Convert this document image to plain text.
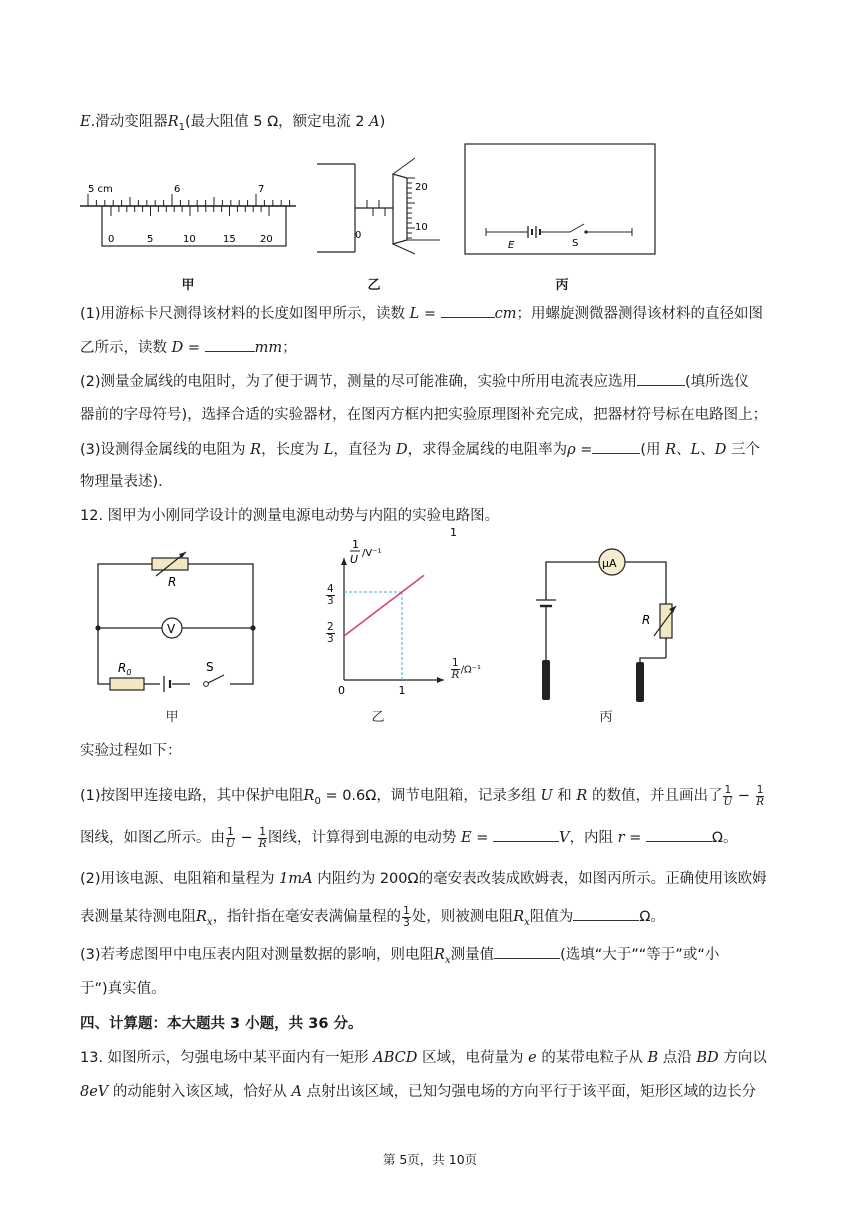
E.滑动变阻器$R_1$(最大阻值 5 Ω，额定电流 2 A)
5 cm	6	7
0	5	10	15 20	0
20
10
E	S
甲	乙	丙
(1)用游标卡尺测得该材料的长度如图甲所示，读数 L =	cm；用螺旋测微器测得该材料的直径如图
乙所示，读数 D =	mm；
(2)测量金属线的电阻时，为了便于调节，测量的尽可能准确，实验中所用电流表应选用	(填所选仪
器前的字母符号)，选择合适的实验器材，在图丙方框内把实验原理图补充完成，把器材符号标在电路图上；
(3)设测得金属线的电阻为 R，长度为 L，直径为 D，求得金属线的电阻率为ρ =	(用 R、L、D 三个
物理量表述)．
12. 图甲为小刚同学设计的测量电源电动势与内阻的实验电路图。
R
V
$R_0$	S
1
U /V⁻¹
1
0	1
$\frac{1}{R} /\Omega^{-1}$
$\frac{4}{3}$
$\frac{2}{3}$
μA
R
甲	乙	丙
实验过程如下：
(1)按图甲连接电路，其中保护电阻$R_0 = 0.6\Omega$，调节电阻箱，记录多组 U 和 R 的数值，并且画出了 $\frac{1}{U} - \frac{1}{R}$
图线，如图乙所示。由 $\frac{1}{U} - \frac{1}{R}$ 图线，计算得到电源的电动势 E =	V，内阻 r =	Ω。
(2)用该电源、电阻箱和量程为 1mA 内阻约为 200Ω的毫安表改装成欧姆表，如图丙所示。正确使用该欧姆
表测量某待测电阻$R_x$，指针指在毫安表满偏量程的 $\frac{1}{3}$ 处，则被测电阻$R_x$阻值为	Ω。
(3)若考虑图甲中电压表内阻对测量数据的影响，则电阻$R_x$测量值	(选填“大于”“等于”或“小
于”)真实值。
四、计算题：本大题共 3 小题，共 36 分。
13. 如图所示，匀强电场中某平面内有一矩形 ABCD 区域，电荷量为 e 的某带电粒子从 B 点沿 BD 方向以
8eV 的动能射入该区域，恰好从 A 点射出该区域，已知匀强电场的方向平行于该平面，矩形区域的边长分
第 5页，共 10页
